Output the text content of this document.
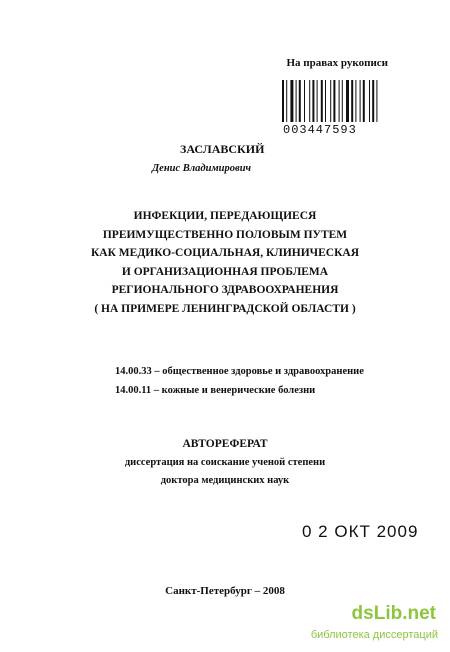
На правах рукописи
003447593
ЗАСЛАВСКИЙ
Денис Владимирович
ИНФЕКЦИИ, ПЕРЕДАЮЩИЕСЯ
ПРЕИМУЩЕСТВЕННО ПОЛОВЫМ ПУТЕМ
КАК МЕДИКО-СОЦИАЛЬНАЯ, КЛИНИЧЕСКАЯ
И ОРГАНИЗАЦИОННАЯ ПРОБЛЕМА
РЕГИОНАЛЬНОГО ЗДРАВООХРАНЕНИЯ
( НА ПРИМЕРЕ ЛЕНИНГРАДСКОЙ ОБЛАСТИ )
14.00.33 – общественное здоровье и здравоохранение
14.00.11 – кожные и венерические болезни
АВТОРЕФЕРАТ
диссертация на соискание ученой степени
доктора медицинских наук
0 2 ОКТ 2009
Санкт-Петербург – 2008
dsLib.net
библиотека диссертаций
